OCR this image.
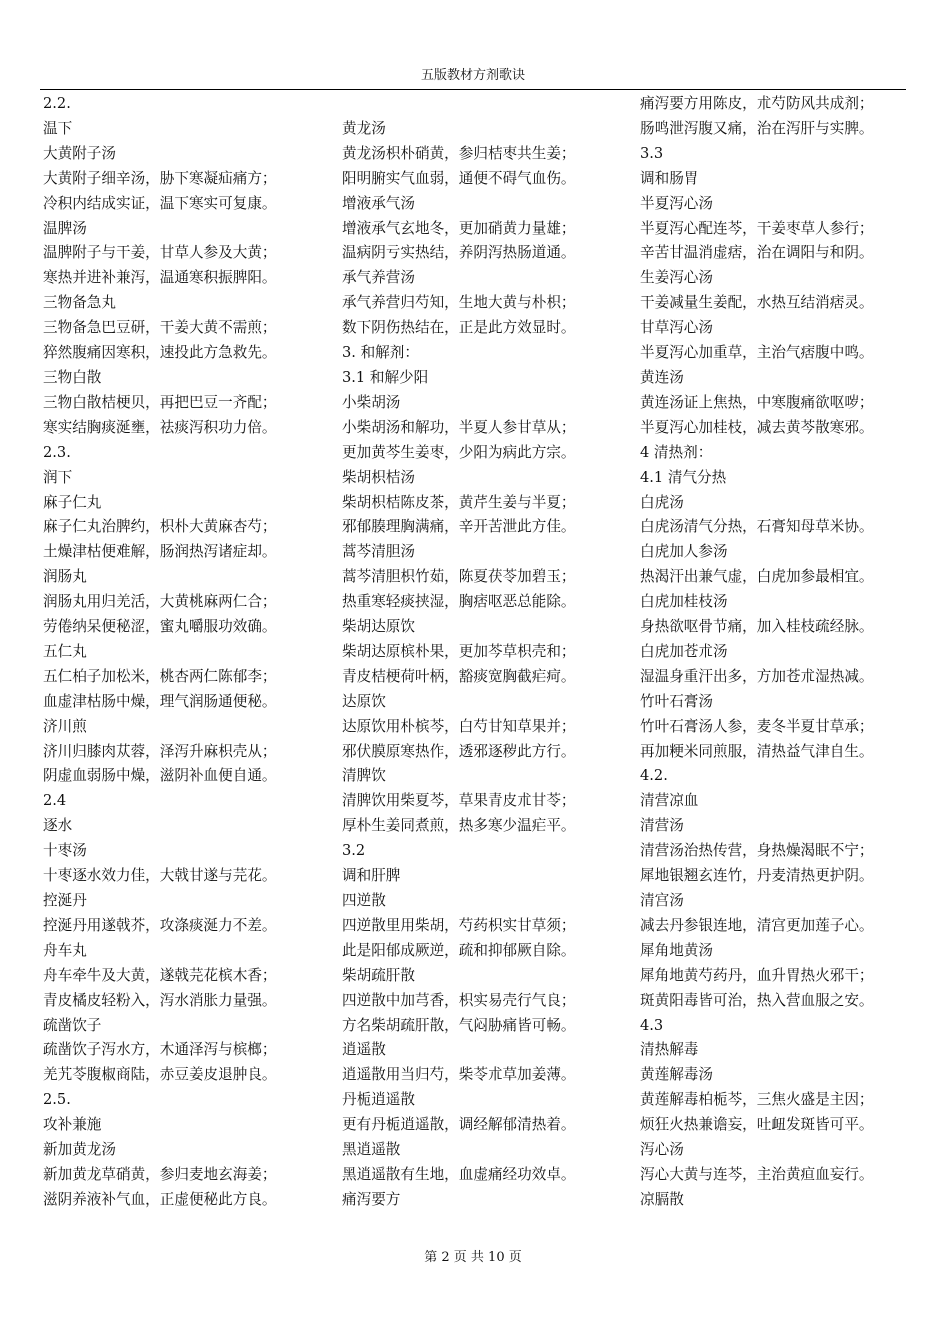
五版教材方剂歌诀
2.2.
温下
大黄附子汤
大黄附子细辛汤，胁下寒凝疝痛方；
冷积内结成实证，温下寒实可复康。
温脾汤
温脾附子与干姜，甘草人参及大黄；
寒热并进补兼泻，温通寒积振脾阳。
三物备急丸
三物备急巴豆研，干姜大黄不需煎；
猝然腹痛因寒积，速投此方急救先。
三物白散
三物白散桔梗贝，再把巴豆一齐配；
寒实结胸痰涎壅，祛痰泻积功力倍。
2.3.
润下
麻子仁丸
麻子仁丸治脾约，枳朴大黄麻杏芍；
土燥津枯便难解，肠润热泻诸症却。
润肠丸
润肠丸用归羌活，大黄桃麻两仁合；
劳倦纳呆便秘涩，蜜丸嚼服功效确。
五仁丸
五仁柏子加松米，桃杏两仁陈郁李；
血虚津枯肠中燥，理气润肠通便秘。
济川煎
济川归膝肉苁蓉，泽泻升麻枳壳从；
阴虚血弱肠中燥，滋阴补血便自通。
2.4
逐水
十枣汤
十枣逐水效力佳，大戟甘遂与芫花。
控涎丹
控涎丹用遂戟芥，攻涤痰涎力不差。
舟车丸
舟车牵牛及大黄，遂戟芫花槟木香；
青皮橘皮轻粉入，泻水消胀力量强。
疏凿饮子
疏凿饮子泻水方，木通泽泻与槟榔；
羌艽苓腹椒商陆，赤豆姜皮退肿良。
2.5.
攻补兼施
新加黄龙汤
新加黄龙草硝黄，参归麦地玄海姜；
滋阴养液补气血，正虚便秘此方良。
黄龙汤
黄龙汤枳朴硝黄，参归桔枣共生姜；
阳明腑实气血弱，通便不碍气血伤。
增液承气汤
增液承气玄地冬，更加硝黄力量雄；
温病阴亏实热结，养阴泻热肠道通。
承气养营汤
承气养营归芍知，生地大黄与朴枳；
数下阴伤热结在，正是此方效显时。
3. 和解剂：
3.1 和解少阳
小柴胡汤
小柴胡汤和解功，半夏人参甘草从；
更加黄芩生姜枣，少阳为病此方宗。
柴胡枳桔汤
柴胡枳桔陈皮茶，黄芹生姜与半夏；
邪郁腠理胸满痛，辛开苦泄此方佳。
蒿芩清胆汤
蒿芩清胆枳竹茹，陈夏茯苓加碧玉；
热重寒轻痰挟湿，胸痞呕恶总能除。
柴胡达原饮
柴胡达原槟朴果，更加芩草枳壳和；
青皮桔梗荷叶柄，豁痰宽胸截疟疴。
达原饮
达原饮用朴槟芩，白芍甘知草果并；
邪伏膜原寒热作，透邪逐秽此方行。
清脾饮
清脾饮用柴夏芩，草果青皮朮甘苓；
厚朴生姜同煮煎，热多寒少温疟平。
3.2
调和肝脾
四逆散
四逆散里用柴胡，芍药枳实甘草须；
此是阳郁成厥逆，疏和抑郁厥自除。
柴胡疏肝散
四逆散中加芎香，枳实易壳行气良；
方名柴胡疏肝散，气闷胁痛皆可畅。
逍遥散
逍遥散用当归芍，柴苓朮草加姜薄。
丹栀逍遥散
更有丹栀逍遥散，调经解郁清热着。
黑逍遥散
黑逍遥散有生地，血虚痛经功效卓。
痛泻要方
痛泻要方用陈皮，朮芍防风共成剂；
肠鸣泄泻腹又痛，治在泻肝与实脾。
3.3
调和肠胃
半夏泻心汤
半夏泻心配连芩，干姜枣草人参行；
辛苦甘温消虚痞，治在调阳与和阴。
生姜泻心汤
干姜减量生姜配，水热互结消痞灵。
甘草泻心汤
半夏泻心加重草，主治气痞腹中鸣。
黄连汤
黄连汤证上焦热，中寒腹痛欲呕哕；
半夏泻心加桂枝，减去黄芩散寒邪。
4 清热剂：
4.1 清气分热
白虎汤
白虎汤清气分热，石膏知母草米协。
白虎加人参汤
热渴汗出兼气虚，白虎加参最相宜。
白虎加桂枝汤
身热欲呕骨节痛，加入桂枝疏经脉。
白虎加苍朮汤
湿温身重汗出多，方加苍朮湿热减。
竹叶石膏汤
竹叶石膏汤人参，麦冬半夏甘草承；
再加粳米同煎服，清热益气津自生。
4.2.
清营凉血
清营汤
清营汤治热传营，身热燥渴眠不宁；
犀地银翘玄连竹，丹麦清热更护阴。
清宫汤
减去丹参银连地，清宫更加莲子心。
犀角地黄汤
犀角地黄芍药丹，血升胃热火邪干；
斑黄阳毒皆可治，热入营血服之安。
4.3
清热解毒
黄莲解毒汤
黄莲解毒柏栀芩，三焦火盛是主因；
烦狂火热兼谵妄，吐衄发斑皆可平。
泻心汤
泻心大黄与连芩，主治黄疸血妄行。
凉膈散
第 2 页 共 10 页
